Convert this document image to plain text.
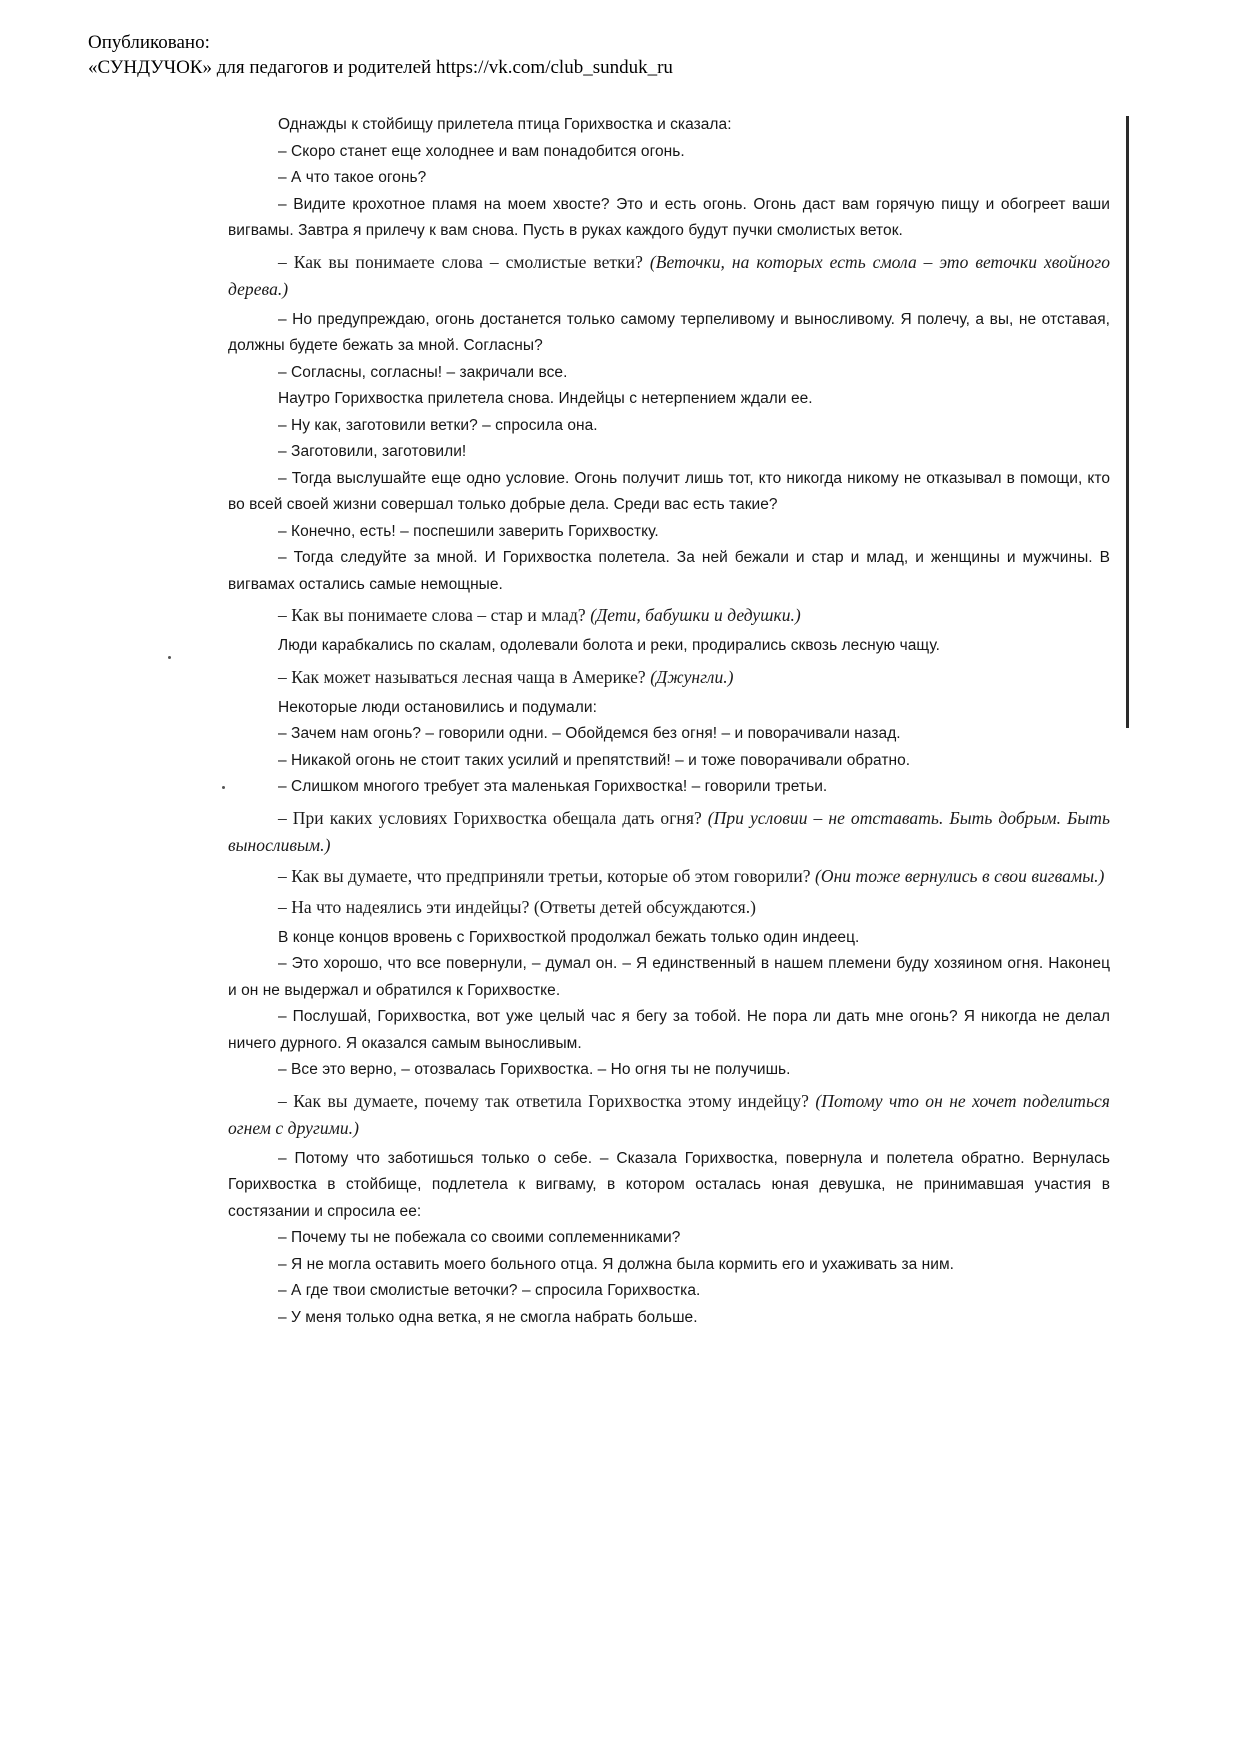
Опубликовано:
«СУНДУЧОК» для педагогов и родителей https://vk.com/club_sunduk_ru

Однажды к стойбищу прилетела птица Горихвостка и сказала:

– Скоро станет еще холоднее и вам понадобится огонь.

– А что такое огонь?

– Видите крохотное пламя на моем хвосте? Это и есть огонь. Огонь даст вам горячую пищу и обогреет ваши вигвамы. Завтра я прилечу к вам снова. Пусть в руках каждого будут пучки смолистых веток.

– Как вы понимаете слова – смолистые ветки? (Веточки, на которых есть смола – это веточки хвойного дерева.)

– Но предупреждаю, огонь достанется только самому терпеливому и выносливому. Я полечу, а вы, не отставая, должны будете бежать за мной. Согласны?

– Согласны, согласны! – закричали все.

Наутро Горихвостка прилетела снова. Индейцы с нетерпением ждали ее.

– Ну как, заготовили ветки? – спросила она.

– Заготовили, заготовили!

– Тогда выслушайте еще одно условие. Огонь получит лишь тот, кто никогда никому не отказывал в помощи, кто во всей своей жизни совершал только добрые дела. Среди вас есть такие?

– Конечно, есть! – поспешили заверить Горихвостку.

– Тогда следуйте за мной. И Горихвостка полетела. За ней бежали и стар и млад, и женщины и мужчины. В вигвамах остались самые немощные.

– Как вы понимаете слова – стар и млад? (Дети, бабушки и дедушки.)

Люди карабкались по скалам, одолевали болота и реки, продирались сквозь лесную чащу.

– Как может называться лесная чаща в Америке? (Джунгли.)

Некоторые люди остановились и подумали:

– Зачем нам огонь? – говорили одни. – Обойдемся без огня! – и поворачивали назад.

– Никакой огонь не стоит таких усилий и препятствий! – и тоже поворачивали обратно.

– Слишком многого требует эта маленькая Горихвостка! – говорили третьи.

– При каких условиях Горихвостка обещала дать огня? (При условии – не отставать. Быть добрым. Быть выносливым.)

– Как вы думаете, что предприняли третьи, которые об этом говорили? (Они тоже вернулись в свои вигвамы.)

– На что надеялись эти индейцы? (Ответы детей обсуждаются.)

В конце концов вровень с Горихвосткой продолжал бежать только один индеец.

– Это хорошо, что все повернули, – думал он. – Я единственный в нашем племени буду хозяином огня. Наконец и он не выдержал и обратился к Горихвостке.

– Послушай, Горихвостка, вот уже целый час я бегу за тобой. Не пора ли дать мне огонь? Я никогда не делал ничего дурного. Я оказался самым выносливым.

– Все это верно, – отозвалась Горихвостка. – Но огня ты не получишь.

– Как вы думаете, почему так ответила Горихвостка этому индейцу? (Потому что он не хочет поделиться огнем с другими.)

– Потому что заботишься только о себе. – Сказала Горихвостка, повернула и полетела обратно. Вернулась Горихвостка в стойбище, подлетела к вигваму, в котором осталась юная девушка, не принимавшая участия в состязании и спросила ее:

– Почему ты не побежала со своими соплеменниками?

– Я не могла оставить моего больного отца. Я должна была кормить его и ухаживать за ним.

– А где твои смолистые веточки? – спросила Горихвостка.

– У меня только одна ветка, я не смогла набрать больше.
